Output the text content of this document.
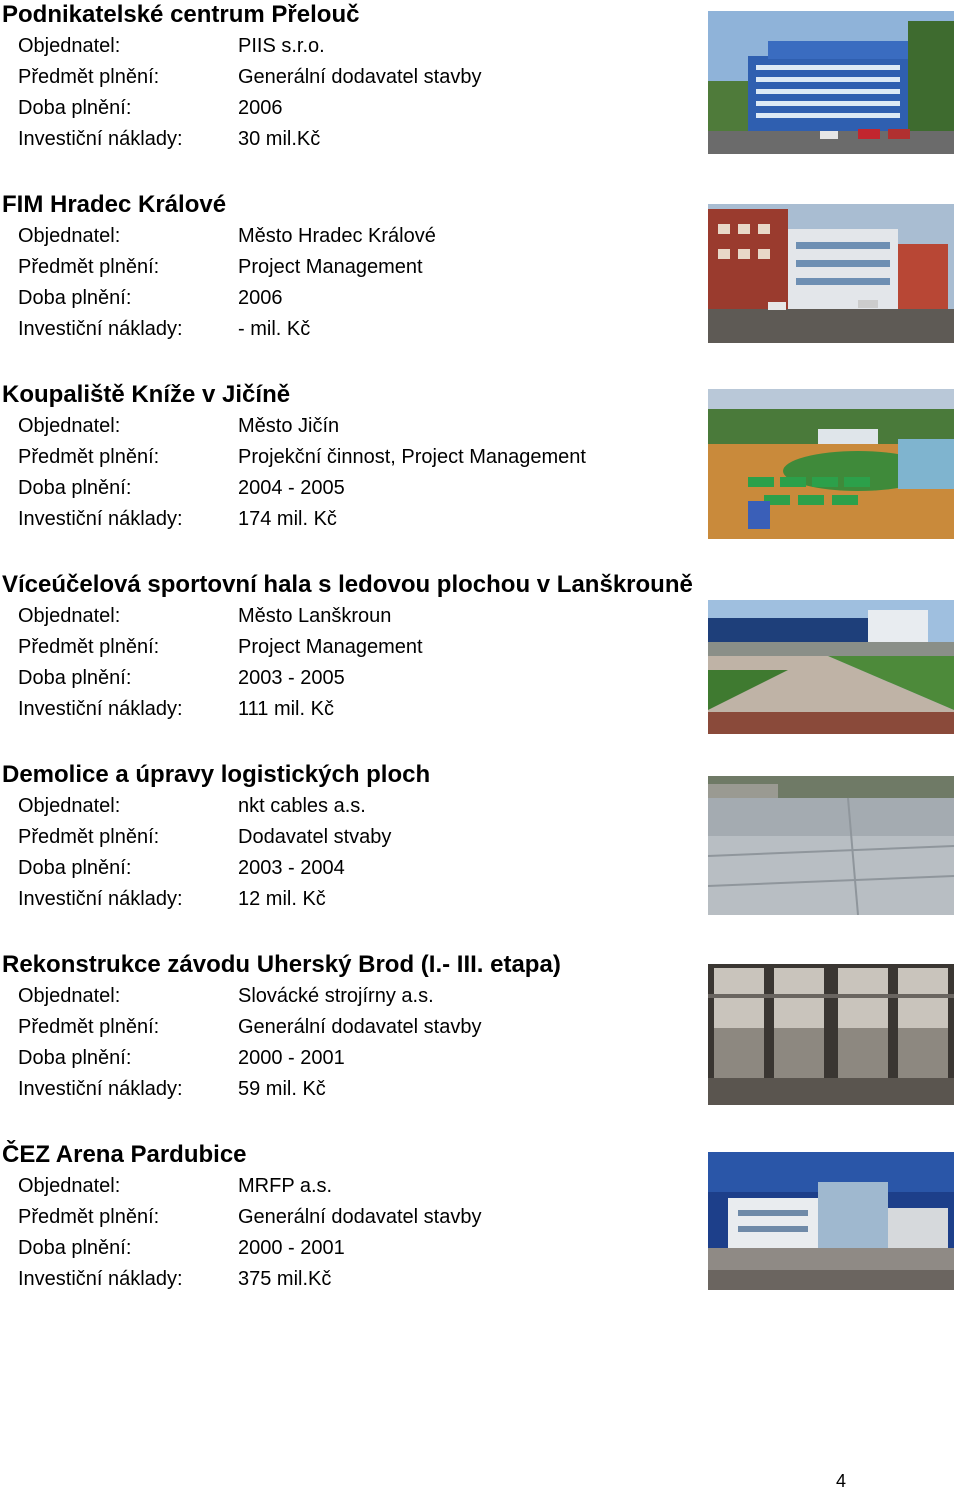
Podnikatelské centrum Přelouč
Objednatel:	PIIS s.r.o.
Předmět plnění:	Generální dodavatel stavby
Doba plnění:	2006
Investiční náklady:	30 mil.Kč
FIM Hradec Králové
Objednatel:	Město Hradec Králové
Předmět plnění:	Project Management
Doba plnění:	2006
Investiční náklady:	- mil. Kč
Koupaliště Kníže v Jičíně
Objednatel:	Město Jičín
Předmět plnění:	Projekční činnost, Project Management
Doba plnění:	2004 - 2005
Investiční náklady:	174 mil. Kč
Víceúčelová sportovní hala s ledovou plochou v Lanškrouně
Objednatel:	Město Lanškroun
Předmět plnění:	Project Management
Doba plnění:	2003 - 2005
Investiční náklady:	111 mil. Kč
Demolice a úpravy logistických ploch
Objednatel:	nkt cables a.s.
Předmět plnění:	Dodavatel stvaby
Doba plnění:	2003 - 2004
Investiční náklady:	12 mil. Kč
Rekonstrukce závodu Uherský Brod (I.- III. etapa)
Objednatel:	Slovácké strojírny a.s.
Předmět plnění:	Generální dodavatel stavby
Doba plnění:	2000 - 2001
Investiční náklady:	59 mil. Kč
ČEZ Arena Pardubice
Objednatel:	MRFP a.s.
Předmět plnění:	Generální dodavatel stavby
Doba plnění:	2000 - 2001
Investiční náklady:	375 mil.Kč
4
